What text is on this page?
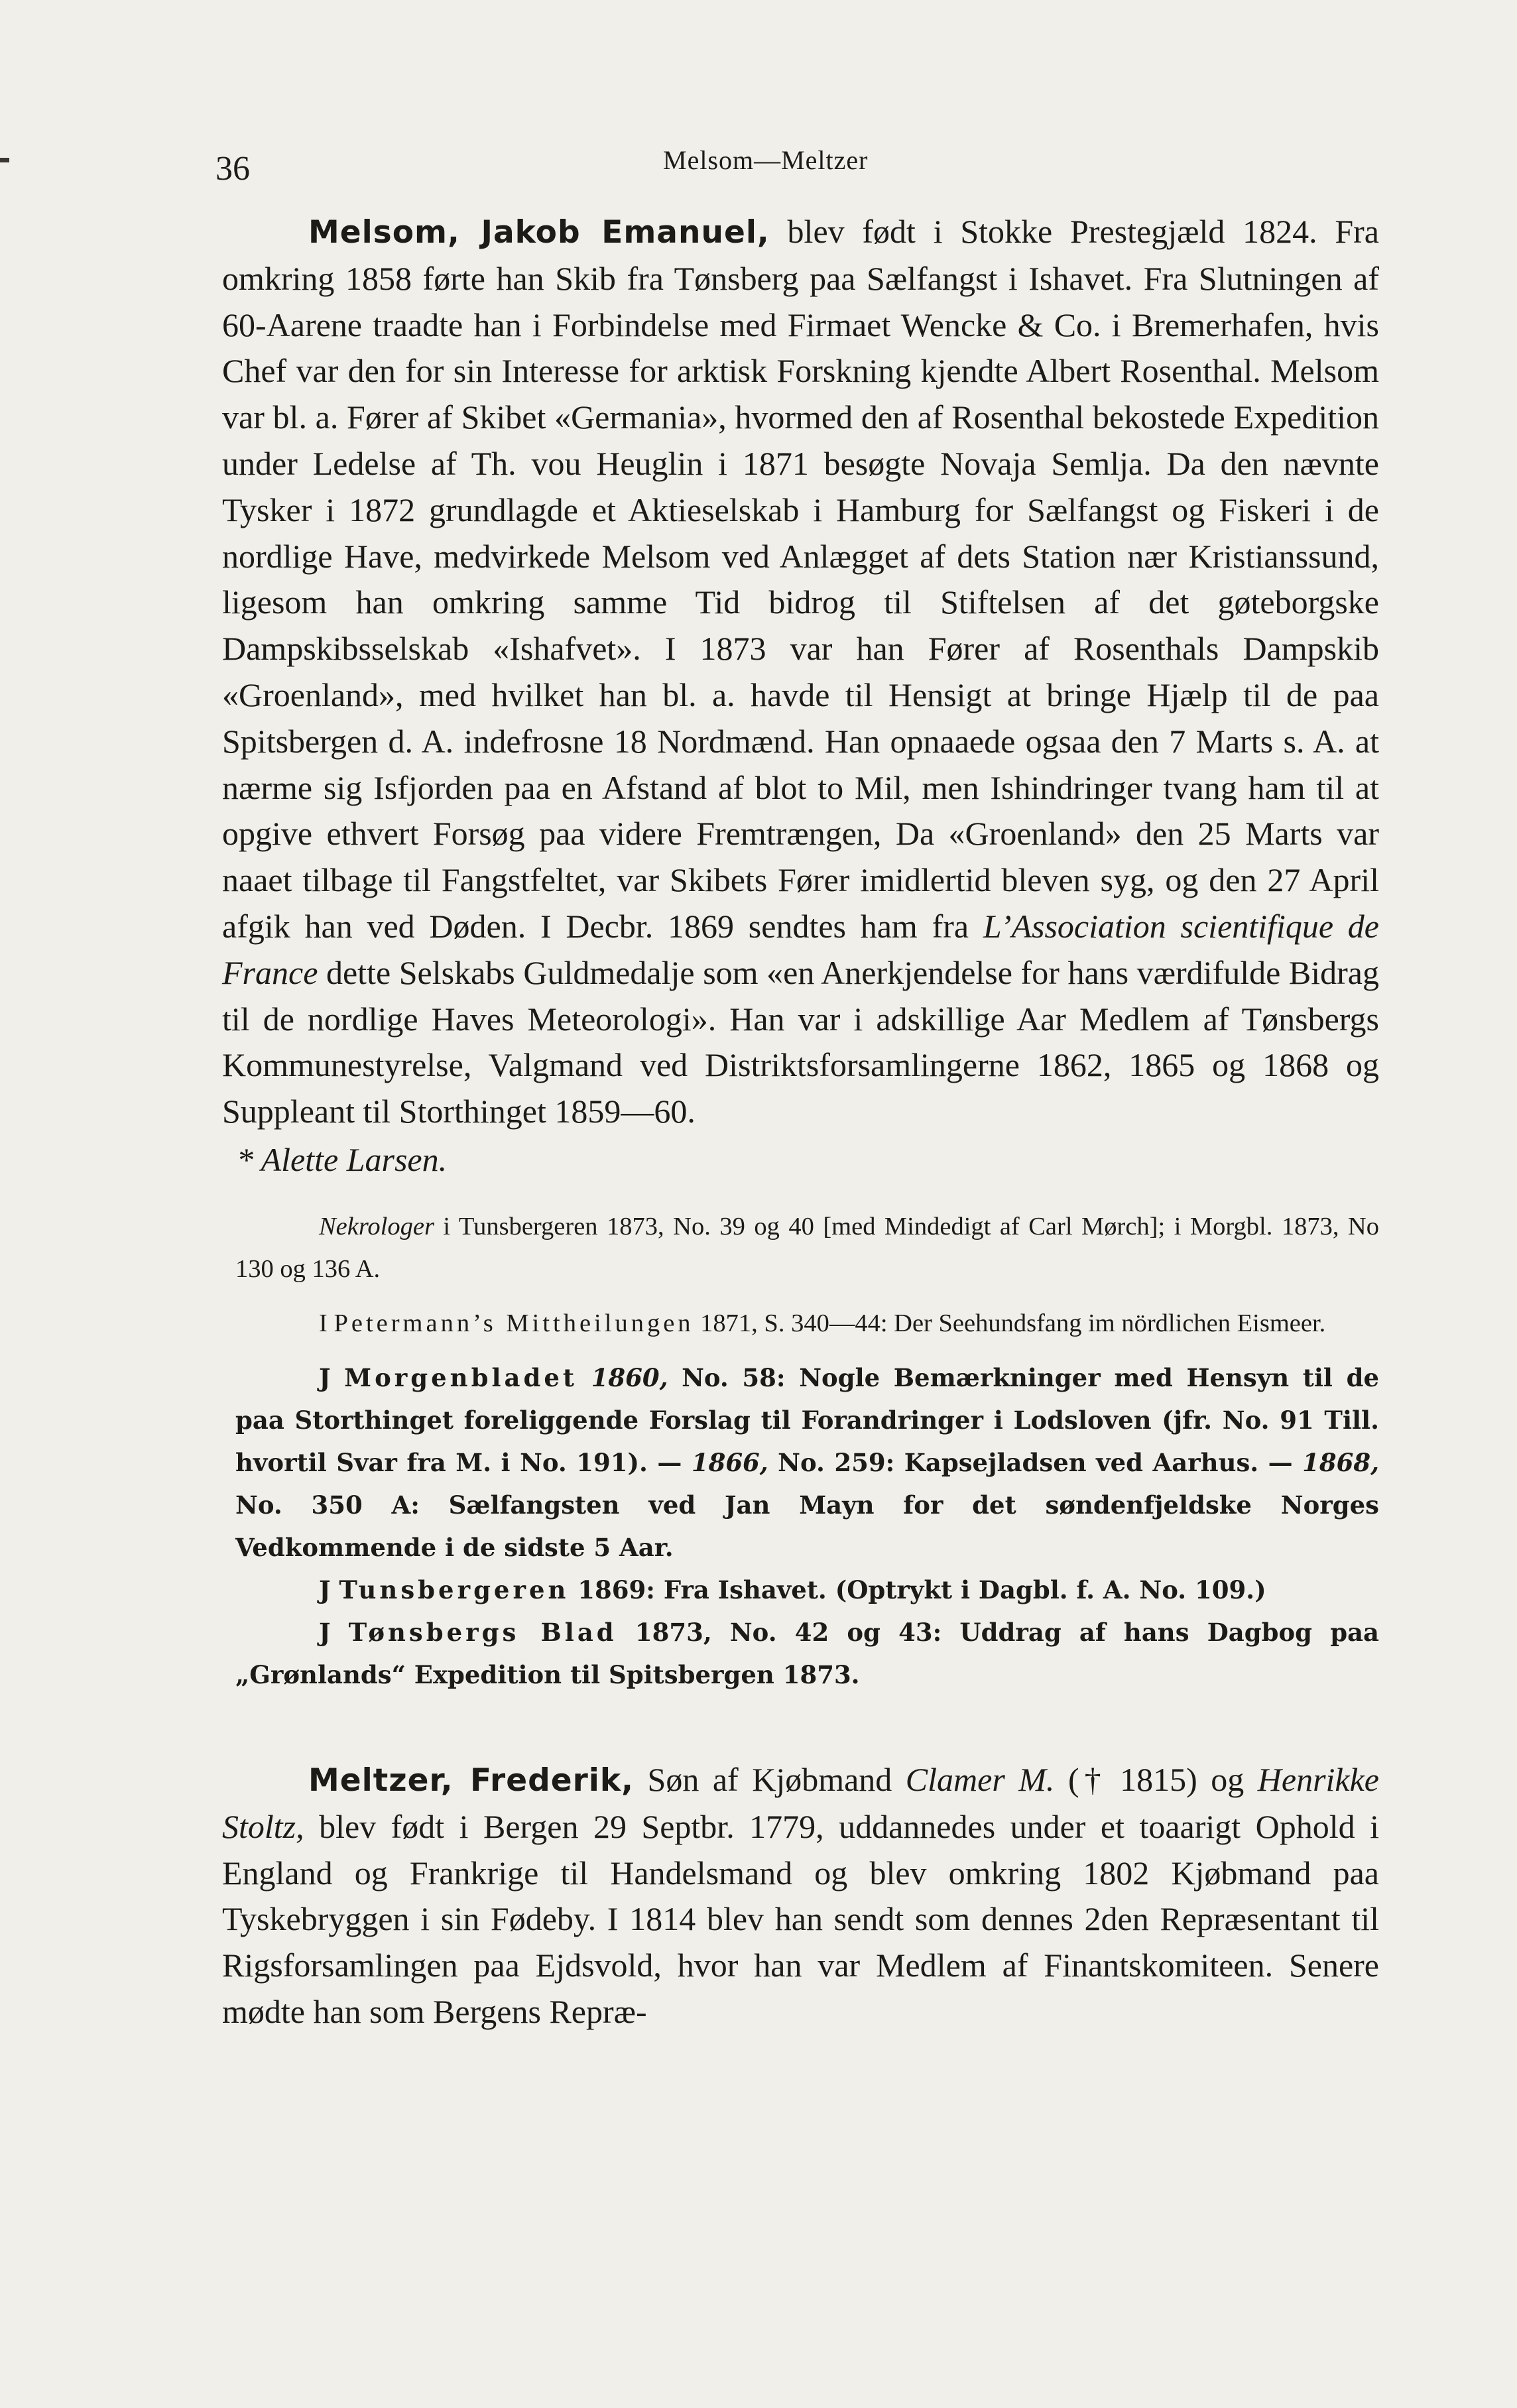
36	Melsom—Meltzer

Melsom, Jakob Emanuel, blev født i Stokke Prestegjæld 1824. Fra omkring 1858 førte han Skib fra Tønsberg paa Sælfangst i Ishavet. Fra Slutningen af 60-Aarene traadte han i Forbindelse med Firmaet Wencke & Co. i Bremerhafen, hvis Chef var den for sin Interesse for arktisk Forskning kjendte Albert Rosenthal. Melsom var bl. a. Fører af Skibet «Germania», hvormed den af Rosenthal bekostede Expedition under Ledelse af Th. vou Heuglin i 1871 besøgte Novaja Semlja. Da den nævnte Tysker i 1872 grundlagde et Aktieselskab i Hamburg for Sælfangst og Fiskeri i de nordlige Have, medvirkede Melsom ved Anlægget af dets Station nær Kristianssund, ligesom han omkring samme Tid bidrog til Stiftelsen af det gøteborgske Dampskibsselskab «Ishafvet». I 1873 var han Fører af Rosenthals Dampskib «Groenland», med hvilket han bl. a. havde til Hensigt at bringe Hjælp til de paa Spitsbergen d. A. indefrosne 18 Nordmænd. Han opnaaede ogsaa den 7 Marts s. A. at nærme sig Isfjorden paa en Afstand af blot to Mil, men Ishindringer tvang ham til at opgive ethvert Forsøg paa videre Fremtrængen, Da «Groenland» den 25 Marts var naaet tilbage til Fangstfeltet, var Skibets Fører imidlertid bleven syg, og den 27 April afgik han ved Døden. I Decbr. 1869 sendtes ham fra L’Association scientifique de France dette Selskabs Guldmedalje som «en Anerkjendelse for hans værdifulde Bidrag til de nordlige Haves Meteorologi». Han var i adskillige Aar Medlem af Tønsbergs Kommunestyrelse, Valgmand ved Distriktsforsamlingerne 1862, 1865 og 1868 og Suppleant til Storthinget 1859—60.

* Alette Larsen.

Nekrologer i Tunsbergeren 1873, No. 39 og 40 [med Mindedigt af Carl Mørch]; i Morgbl. 1873, No 130 og 136 A.

I Petermann’s Mittheilungen 1871, S. 340—44: Der Seehundsfang im nördlichen Eismeer.

J Morgenbladet 1860, No. 58: Nogle Bemærkninger med Hensyn til de paa Storthinget foreliggende Forslag til Forandringer i Lodsloven (jfr. No. 91 Till. hvortil Svar fra M. i No. 191). — 1866, No. 259: Kapsejladsen ved Aarhus. — 1868, No. 350 A: Sælfangsten ved Jan Mayn for det søndenfjeldske Norges Vedkommende i de sidste 5 Aar.

J Tunsbergeren 1869: Fra Ishavet. (Optrykt i Dagbl. f. A. No. 109.)

J Tønsbergs Blad 1873, No. 42 og 43: Uddrag af hans Dagbog paa „Grønlands“ Expedition til Spitsbergen 1873.

Meltzer, Frederik, Søn af Kjøbmand Clamer M. († 1815) og Henrikke Stoltz, blev født i Bergen 29 Septbr. 1779, uddannedes under et toaarigt Ophold i England og Frankrige til Handelsmand og blev omkring 1802 Kjøbmand paa Tyskebryggen i sin Fødeby. I 1814 blev han sendt som dennes 2den Repræsentant til Rigsforsamlingen paa Ejdsvold, hvor han var Medlem af Finantskomiteen. Senere mødte han som Bergens Repræ-
